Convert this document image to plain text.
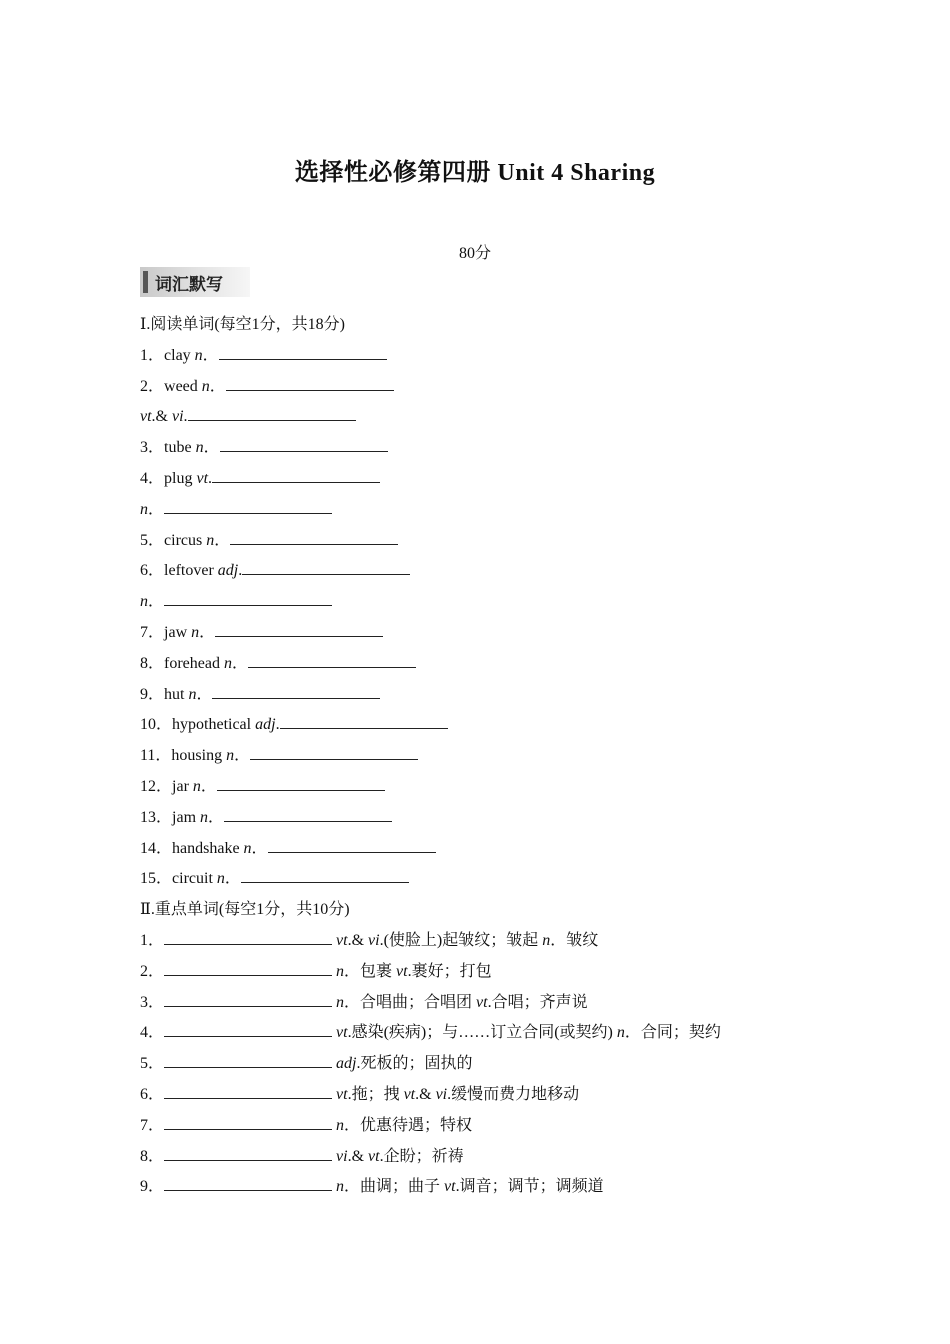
选择性必修第四册 Unit 4 Sharing
80分
词汇默写
Ⅰ.阅读单词(每空1分，共18分)
1．clay n．
2．weed n．
vt.& vi.
3．tube n．
4．plug vt.
n．
5．circus n．
6．leftover adj.
n．
7．jaw n．
8．forehead n．
9．hut n．
10．hypothetical adj.
11．housing n．
12．jar n．
13．jam n．
14．handshake n．
15．circuit n．
Ⅱ.重点单词(每空1分，共10分)
1．	vt.& vi.(使脸上)起皱纹；皱起 n．皱纹
2．	n．包裹 vt.裹好；打包
3．	n．合唱曲；合唱团 vt.合唱；齐声说
4．	vt.感染(疾病)；与……订立合同(或契约) n．合同；契约
5．	adj.死板的；固执的
6．	vt.拖；拽 vt.& vi.缓慢而费力地移动
7．	n．优惠待遇；特权
8．	vi.& vt.企盼；祈祷
9．	n．曲调；曲子 vt.调音；调节；调频道
